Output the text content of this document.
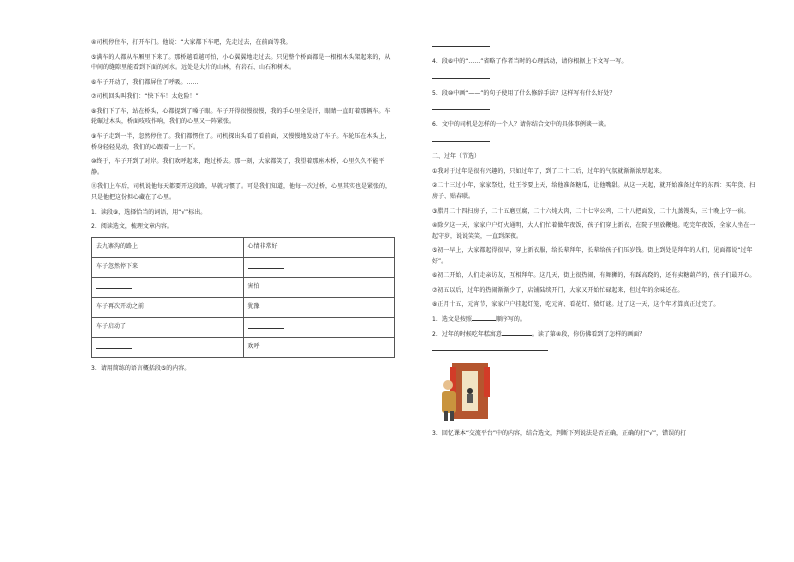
④司机停住车，打开车门。他说：“大家都下车吧，先走过去，在前面等我。
⑤满车的人都从车厢里下来了。那桥越看越可怕，小心翼翼地走过去。只见整个桥面都是一根根木头架起来的，从中间的缝隙里能看到下面的河水。远处是大片的山林，有岩石、山石和树木。
⑥车子开动了，我们都屏住了呼吸。……
⑦司机回头叫我们：“快下车！太危险！”
⑧我们下了车，站在桥头，心都提到了嗓子眼。车子开得很慢很慢，我的手心里全是汗，眼睛一直盯着那辆车。车轮碾过木头，桥面吱吱作响，我们的心里又一阵紧张。
⑨车子走到一半，忽然停住了。我们都愣住了。司机探出头看了看前面，又慢慢地发动了车子。车轮压在木头上，桥身轻轻晃动，我们的心跟着一上一下。
⑩终于，车子开到了对岸。我们欢呼起来，跑过桥去。那一刻，大家都笑了，我望着那座木桥，心里久久不能平静。
⑪我们上车后，司机说他每天都要开这段路，早就习惯了。可是我们知道，他每一次过桥，心里其实也是紧张的，只是他把这份担心藏在了心里。
1．读段⑨，选择恰当的词语，用“√”标出。
2．阅读选文，梳理文章内容。
去九寨沟的路上	心情非常好
车子忽然停下来	
	害怕
车子再次开动之前	犹豫
车子启动了	
	欢呼
3．请用简练的语言概括段⑤的内容。
4．段⑥中的“……”省略了作者当时的心理活动，请你根据上下文写一写。
5．段⑩中画“——”的句子使用了什么修辞手法？这样写有什么好处？
6．文中的司机是怎样的一个人？请你结合文中的具体事例谈一谈。
二、过年（节选）
①我对于过年是很有兴趣的，只如过年了，到了二十二后，过年的气氛就渐渐浓厚起来。
②二十三过小年，家家祭灶，灶王爷要上天，给他准备糖瓜，让他嘴甜。从这一天起，就开始准备过年的东西：买年货、扫房子、贴春联。
③腊月二十四扫房子，二十五磨豆腐，二十六炖大肉，二十七宰公鸡，二十八把面发，二十九蒸馒头，三十晚上守一宿。
④除夕这一天，家家户户灯火通明，大人们忙着做年夜饭，孩子们穿上新衣，在院子里放鞭炮。吃完年夜饭，全家人坐在一起守岁，说说笑笑，一直到深夜。
⑤初一早上，大家都起得很早，穿上新衣服，给长辈拜年，长辈给孩子们压岁钱。街上到处是拜年的人们，见面都说“过年好”。
⑥初二开始，人们走亲访友，互相拜年。这几天，街上很热闹，有舞狮的，有踩高跷的，还有卖糖葫芦的，孩子们最开心。
⑦初五以后，过年的热闹渐渐少了，店铺陆续开门，大家又开始忙碌起来，但过年的余味还在。
⑧正月十五，元宵节，家家户户挂起灯笼，吃元宵、看花灯、猜灯谜。过了这一天，这个年才算真正过完了。
1．选文是按照	顺序写的。
2．过年的时候吃年糕寓意	。读了第④段，你仿佛看到了怎样的画面？
3．回忆课本“交流平台”中的内容，结合选文，判断下列说法是否正确，正确的打“√”，错误的打
